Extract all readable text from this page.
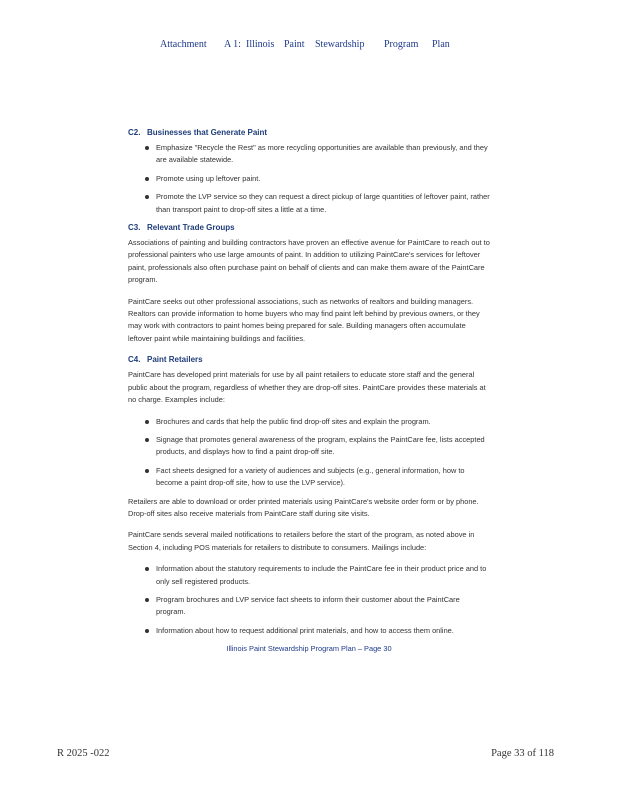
Attachment A 1: Illinois Paint Stewardship Program Plan
C2. Businesses that Generate Paint
Emphasize "Recycle the Rest" as more recycling opportunities are available than previously, and they are available statewide.
Promote using up leftover paint.
Promote the LVP service so they can request a direct pickup of large quantities of leftover paint, rather than transport paint to drop-off sites a little at a time.
C3. Relevant Trade Groups
Associations of painting and building contractors have proven an effective avenue for PaintCare to reach out to professional painters who use large amounts of paint. In addition to utilizing PaintCare's services for leftover paint, professionals also often purchase paint on behalf of clients and can make them aware of the PaintCare program.
PaintCare seeks out other professional associations, such as networks of realtors and building managers. Realtors can provide information to home buyers who may find paint left behind by previous owners, or they may work with contractors to paint homes being prepared for sale. Building managers often accumulate leftover paint while maintaining buildings and facilities.
C4. Paint Retailers
PaintCare has developed print materials for use by all paint retailers to educate store staff and the general public about the program, regardless of whether they are drop-off sites. PaintCare provides these materials at no charge. Examples include:
Brochures and cards that help the public find drop-off sites and explain the program.
Signage that promotes general awareness of the program, explains the PaintCare fee, lists accepted products, and displays how to find a paint drop-off site.
Fact sheets designed for a variety of audiences and subjects (e.g., general information, how to become a paint drop-off site, how to use the LVP service).
Retailers are able to download or order printed materials using PaintCare's website order form or by phone. Drop-off sites also receive materials from PaintCare staff during site visits.
PaintCare sends several mailed notifications to retailers before the start of the program, as noted above in Section 4, including POS materials for retailers to distribute to consumers. Mailings include:
Information about the statutory requirements to include the PaintCare fee in their product price and to only sell registered products.
Program brochures and LVP service fact sheets to inform their customer about the PaintCare program.
Information about how to request additional print materials, and how to access them online.
Illinois Paint Stewardship Program Plan – Page 30
R 2025 -022	Page 33 of 118
